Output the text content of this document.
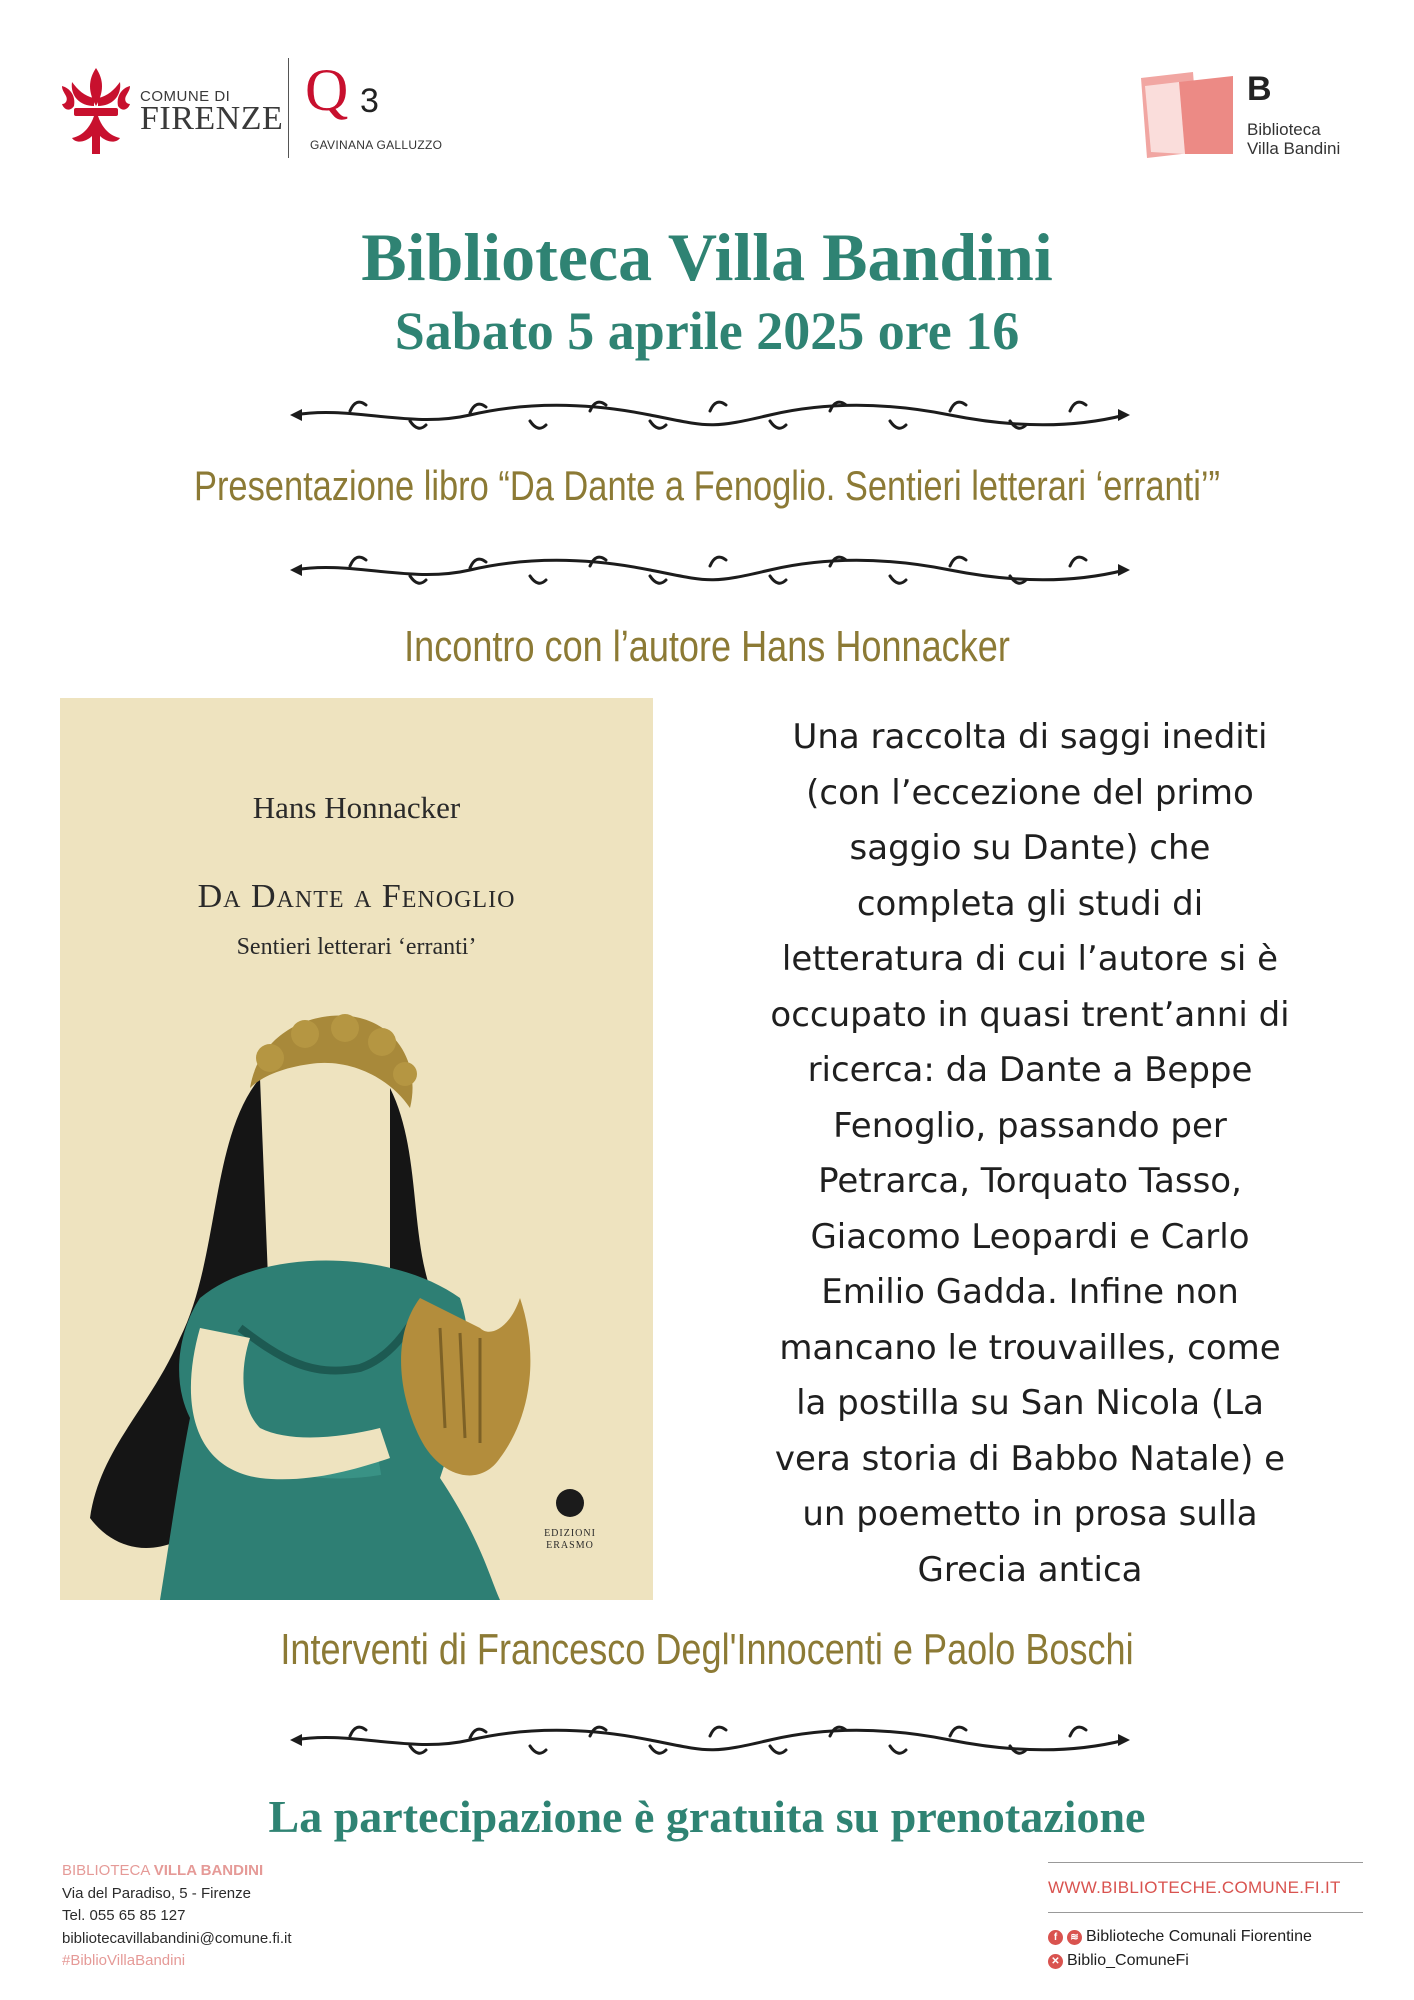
COMUNE DI
FIRENZE Q 3
GAVINANA GALLUZZO
B
Biblioteca
Villa Bandini
Biblioteca Villa Bandini
Sabato 5 aprile 2025 ore 16
Presentazione libro “Da Dante a Fenoglio. Sentieri letterari ‘erranti’”
Incontro con l’autore Hans Honnacker
Hans Honnacker
Da Dante a Fenoglio
Sentieri letterari ‘erranti’
EDIZIONI
ERASMO
Una raccolta di saggi inediti
(con l’eccezione del primo
saggio su Dante) che
completa gli studi di
letteratura di cui l’autore si è
occupato in quasi trent’anni di
ricerca: da Dante a Beppe
Fenoglio, passando per
Petrarca, Torquato Tasso,
Giacomo Leopardi e Carlo
Emilio Gadda. Infine non
mancano le trouvailles, come
la postilla su San Nicola (La
vera storia di Babbo Natale) e
un poemetto in prosa sulla
Grecia antica
Interventi di Francesco Degl'Innocenti e Paolo Boschi
La partecipazione è gratuita su prenotazione
BIBLIOTECA VILLA BANDINI
Via del Paradiso, 5 - Firenze
Tel. 055 65 85 127
bibliotecavillabandini@comune.fi.it
#BiblioVillaBandini
WWW.BIBLIOTECHE.COMUNE.FI.IT
f	≋ Biblioteche Comunali Fiorentine
✕ Biblio_ComuneFi
